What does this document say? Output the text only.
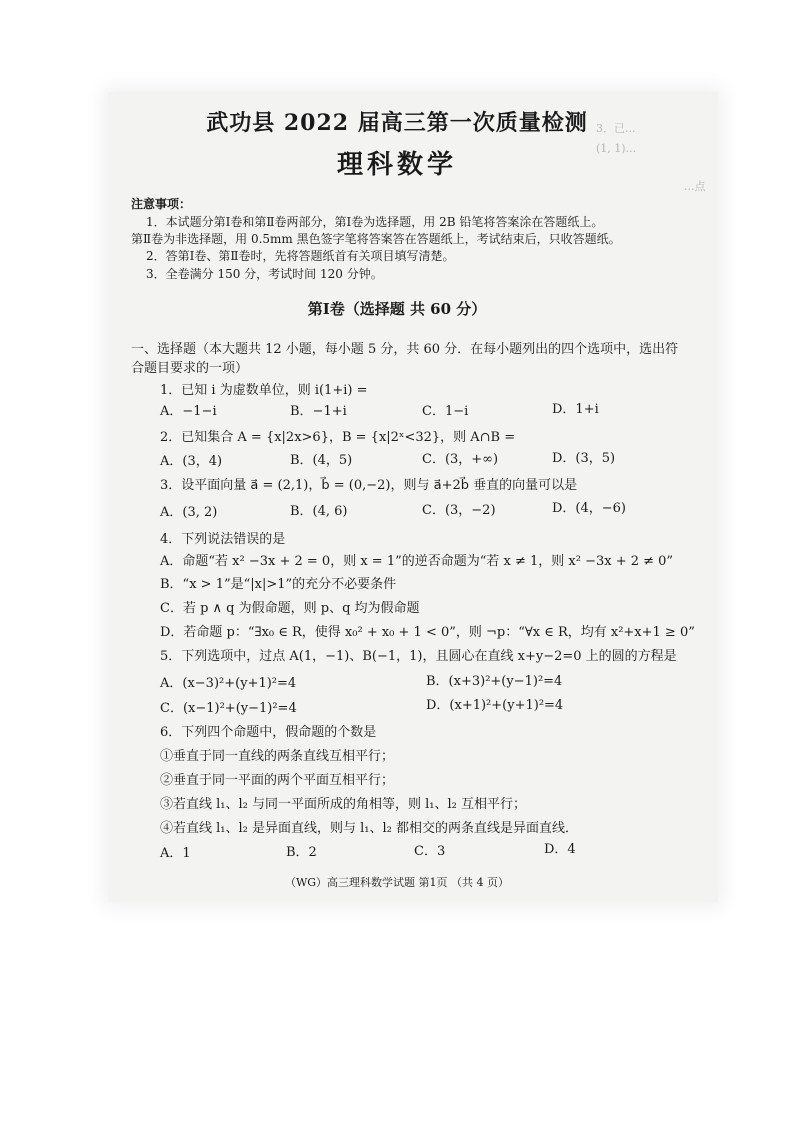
3．已...
(1, 1)...
...点
武功县 2022 届高三第一次质量检测
理科数学
注意事项：
1．本试题分第Ⅰ卷和第Ⅱ卷两部分，第Ⅰ卷为选择题，用 2B 铅笔将答案涂在答题纸上。
第Ⅱ卷为非选择题，用 0.5mm 黑色签字笔将答案答在答题纸上，考试结束后，只收答题纸。
2．答第Ⅰ卷、第Ⅱ卷时，先将答题纸首有关项目填写清楚。
3．全卷满分 150 分，考试时间 120 分钟。
第Ⅰ卷（选择题 共 60 分）
一、选择题（本大题共 12 小题，每小题 5 分，共 60 分．在每小题列出的四个选项中，选出符
合题目要求的一项）
1．已知 i 为虚数单位，则 i(1+i) =
A．−1−i	B．−1+i	C．1−i	D．1+i
2．已知集合 A = {x|2x>6}，B = {x|2ˣ<32}，则 A∩B =
A．(3，4)	B．(4，5)	C．(3，+∞)	D．(3，5)
3．设平面向量 a⃗ = (2,1)，b⃗ = (0,−2)，则与 a⃗+2b⃗ 垂直的向量可以是
A．(3, 2)	B．(4, 6)	C．(3，−2)	D．(4，−6)
4．下列说法错误的是
A．命题“若 x² −3x + 2 = 0，则 x = 1”的逆否命题为“若 x ≠ 1，则 x² −3x + 2 ≠ 0”
B．“x > 1”是“|x|>1”的充分不必要条件
C．若 p ∧ q 为假命题，则 p、q 均为假命题
D．若命题 p：“∃x₀ ∈ R，使得 x₀² + x₀ + 1 < 0”，则 ¬p：“∀x ∈ R，均有 x²+x+1 ≥ 0”
5．下列选项中，过点 A(1，−1)、B(−1，1)，且圆心在直线 x+y−2=0 上的圆的方程是
A．(x−3)²+(y+1)²=4	B．(x+3)²+(y−1)²=4
C．(x−1)²+(y−1)²=4	D．(x+1)²+(y+1)²=4
6．下列四个命题中，假命题的个数是
①垂直于同一直线的两条直线互相平行；
②垂直于同一平面的两个平面互相平行；
③若直线 l₁、l₂ 与同一平面所成的角相等，则 l₁、l₂ 互相平行；
④若直线 l₁、l₂ 是异面直线，则与 l₁、l₂ 都相交的两条直线是异面直线．
A．1	B．2	C．3	D．4
（WG）高三理科数学试题 第1页 （共 4 页）
